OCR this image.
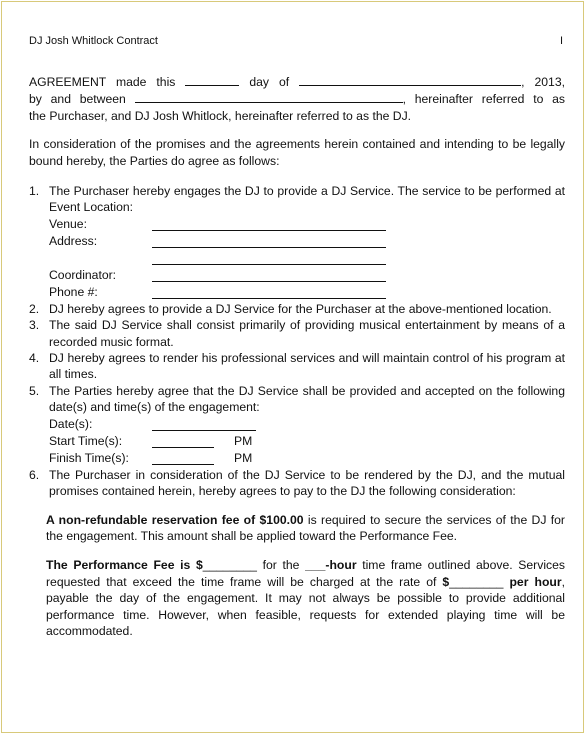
DJ Josh Whitlock Contract	I

AGREEMENT made this	day of	, 2013,

by and between	, hereinafter referred to as

the Purchaser, and DJ Josh Whitlock, hereinafter referred to as the DJ.

In consideration of the promises and the agreements herein contained and intending to be legally bound hereby, the Parties do agree as follows:

1. The Purchaser hereby engages the DJ to provide a DJ Service. The service to be performed at Event Location:
Venue:
Address:
Coordinator:
Phone #:
2. DJ hereby agrees to provide a DJ Service for the Purchaser at the above-mentioned location.
3. The said DJ Service shall consist primarily of providing musical entertainment by means of a recorded music format.
4. DJ hereby agrees to render his professional services and will maintain control of his program at all times.
5. The Parties hereby agree that the DJ Service shall be provided and accepted on the following date(s) and time(s) of the engagement:
Date(s):
Start Time(s):	PM
Finish Time(s):	PM
6. The Purchaser in consideration of the DJ Service to be rendered by the DJ, and the mutual promises contained herein, hereby agrees to pay to the DJ the following consideration:

A non-refundable reservation fee of $100.00 is required to secure the services of the DJ for the engagement. This amount shall be applied toward the Performance Fee.

The Performance Fee is $________ for the ___-hour time frame outlined above. Services requested that exceed the time frame will be charged at the rate of $________ per hour, payable the day of the engagement. It may not always be possible to provide additional performance time. However, when feasible, requests for extended playing time will be accommodated.
